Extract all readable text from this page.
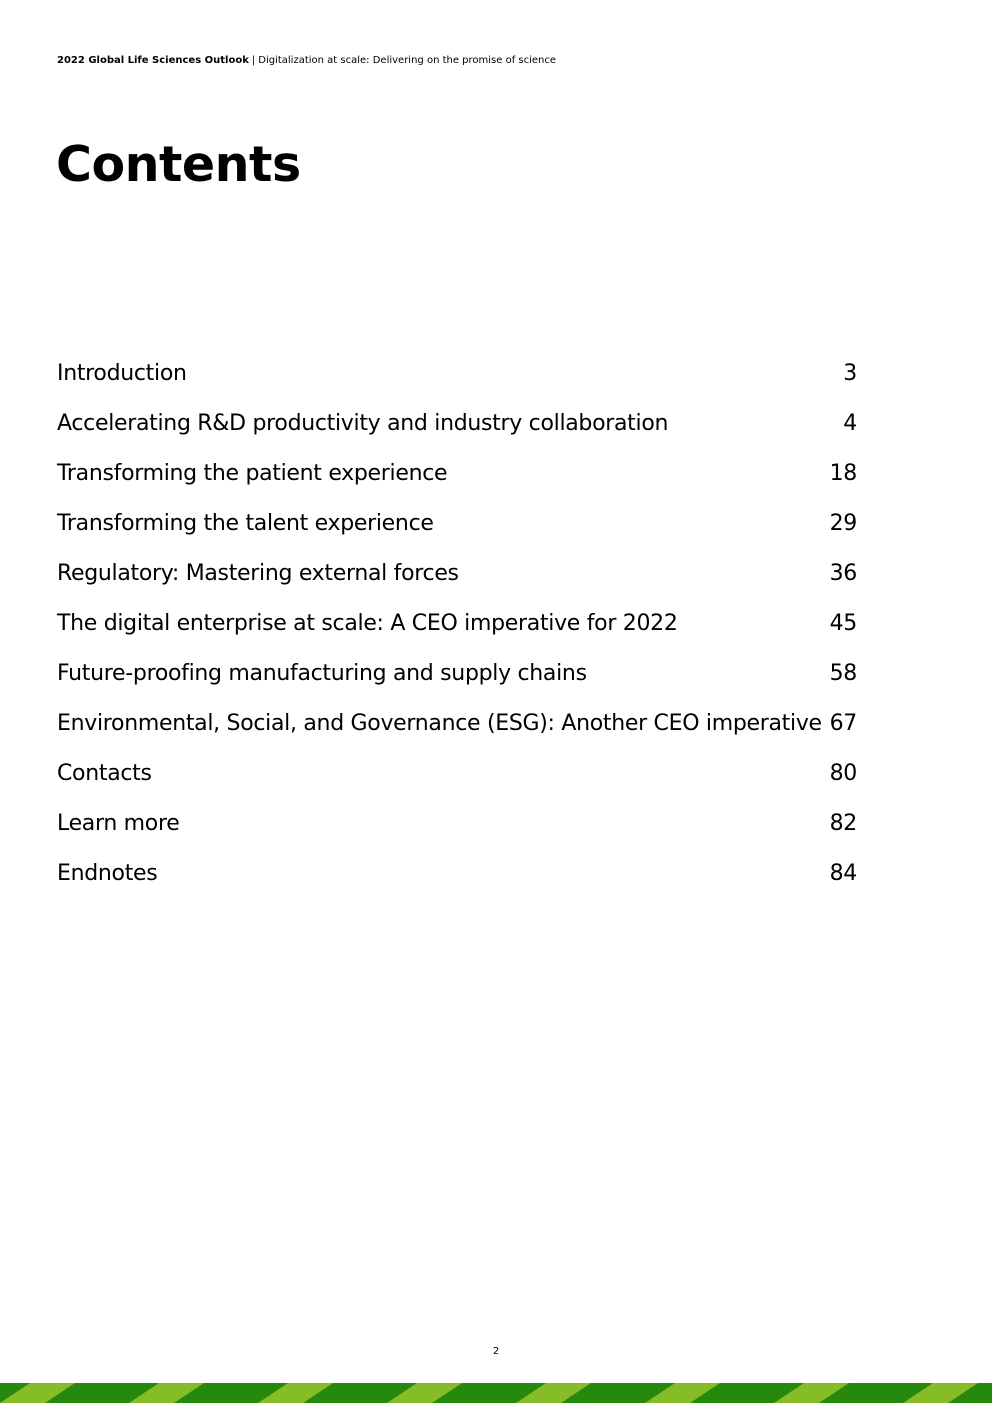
2022 Global Life Sciences Outlook | Digitalization at scale: Delivering on the promise of science
Contents
Introduction	3
Accelerating R&D productivity and industry collaboration	4
Transforming the patient experience	18
Transforming the talent experience	29
Regulatory: Mastering external forces	36
The digital enterprise at scale: A CEO imperative for 2022	45
Future-proofing manufacturing and supply chains	58
Environmental, Social, and Governance (ESG): Another CEO imperative 67
Contacts	80
Learn more	82
Endnotes	84
2
